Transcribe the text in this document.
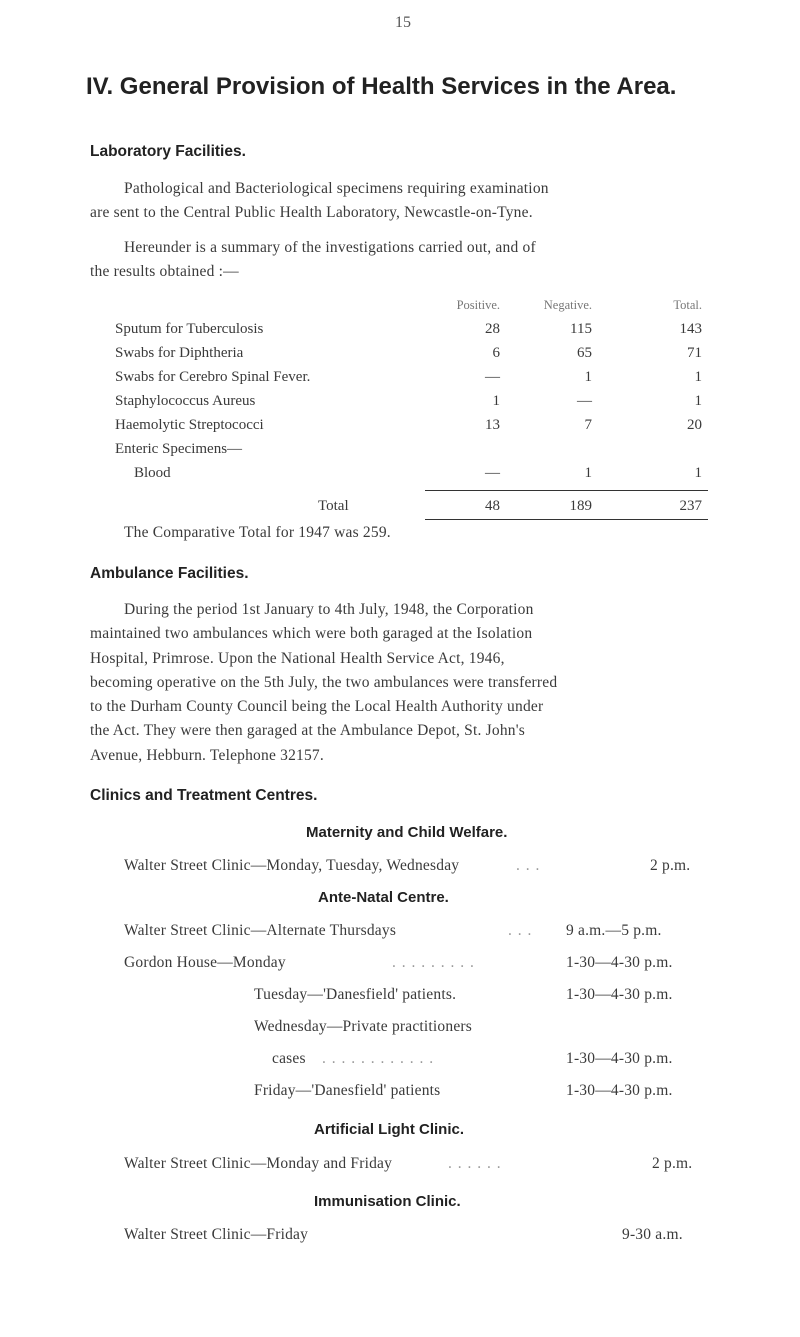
15
IV. General Provision of Health Services in the Area.
Laboratory Facilities.
Pathological and Bacteriological specimens requiring examination
are sent to the Central Public Health Laboratory, Newcastle-on-Tyne.
Hereunder is a summary of the investigations carried out, and of
the results obtained :—
Positive.	Negative.	Total.
Sputum for Tuberculosis	28	115	143
Swabs for Diphtheria	6	65	71
Swabs for Cerebro Spinal Fever.	—	1	1
Staphylococcus Aureus	1	—	1
Haemolytic Streptococci	13	7	20
Enteric Specimens—
Blood	—	1	1
Total	48	189	237
The Comparative Total for 1947 was 259.
Ambulance Facilities.
During the period 1st January to 4th July, 1948, the Corporation
maintained two ambulances which were both garaged at the Isolation
Hospital, Primrose. Upon the National Health Service Act, 1946,
becoming operative on the 5th July, the two ambulances were transferred
to the Durham County Council being the Local Health Authority under
the Act. They were then garaged at the Ambulance Depot, St. John's
Avenue, Hebburn. Telephone 32157.
Clinics and Treatment Centres.
Maternity and Child Welfare.
Walter Street Clinic—Monday, Tuesday, Wednesday	. . .	2 p.m.
Ante-Natal Centre.
Walter Street Clinic—Alternate Thursdays	. . . 9 a.m.—5 p.m.
Gordon House—Monday	. . . . . . . . .	1-30—4-30 p.m.
Tuesday—'Danesfield' patients.	1-30—4-30 p.m.
Wednesday—Private practitioners
cases . . . . . . . . . . . .	1-30—4-30 p.m.
Friday—'Danesfield' patients	1-30—4-30 p.m.
Artificial Light Clinic.
Walter Street Clinic—Monday and Friday	. . . . . .	2 p.m.
Immunisation Clinic.
Walter Street Clinic—Friday	9-30 a.m.
